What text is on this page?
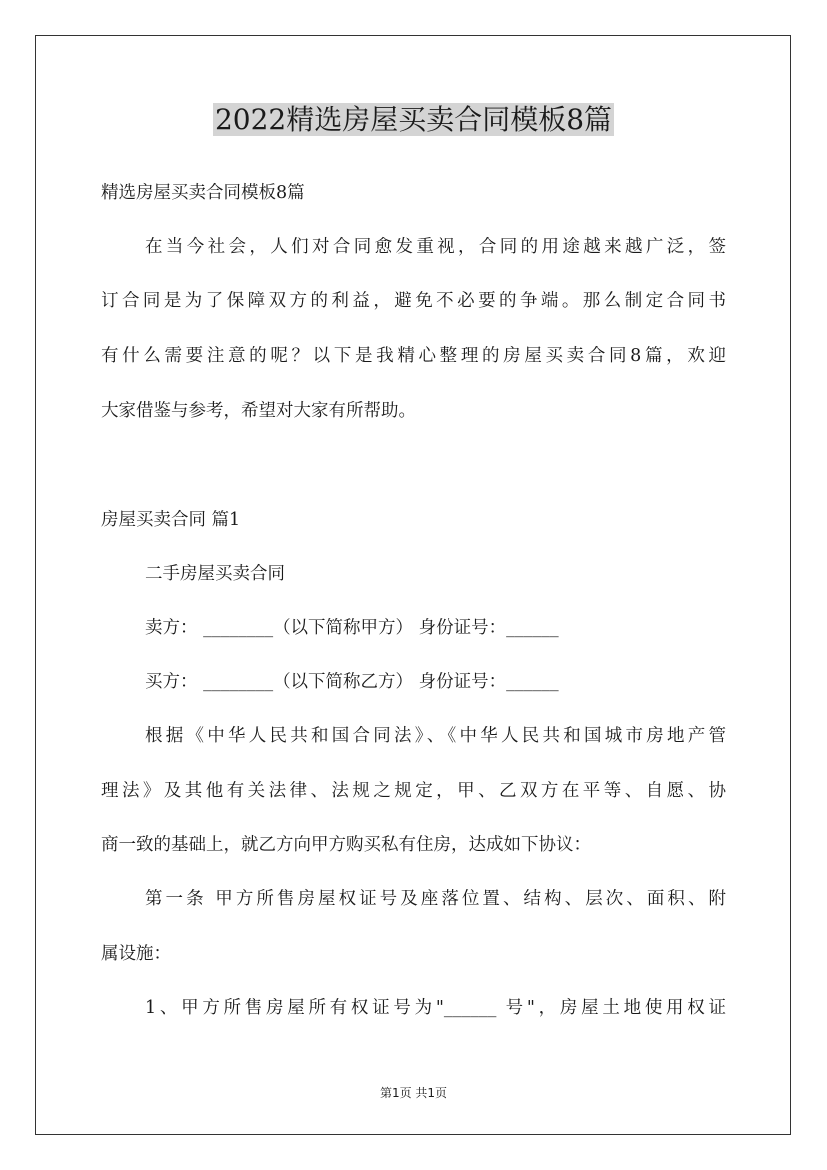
2022精选房屋买卖合同模板8篇
精选房屋买卖合同模板8篇
在当今社会，人们对合同愈发重视，合同的用途越来越广泛，签
订合同是为了保障双方的利益，避免不必要的争端。那么制定合同书
有什么需要注意的呢？以下是我精心整理的房屋买卖合同8篇，欢迎
大家借鉴与参考，希望对大家有所帮助。
房屋买卖合同 篇1
二手房屋买卖合同
卖方： ________（以下简称甲方） 身份证号：______
买方： ________（以下简称乙方） 身份证号：______
根据《中华人民共和国合同法》、《中华人民共和国城市房地产管
理法》及其他有关法律、法规之规定，甲、乙双方在平等、自愿、协
商一致的基础上，就乙方向甲方购买私有住房，达成如下协议：
第一条 甲方所售房屋权证号及座落位置、结构、层次、面积、附
属设施：
1、甲方所售房屋所有权证号为"______ 号"，房屋土地使用权证
第1页 共1页
